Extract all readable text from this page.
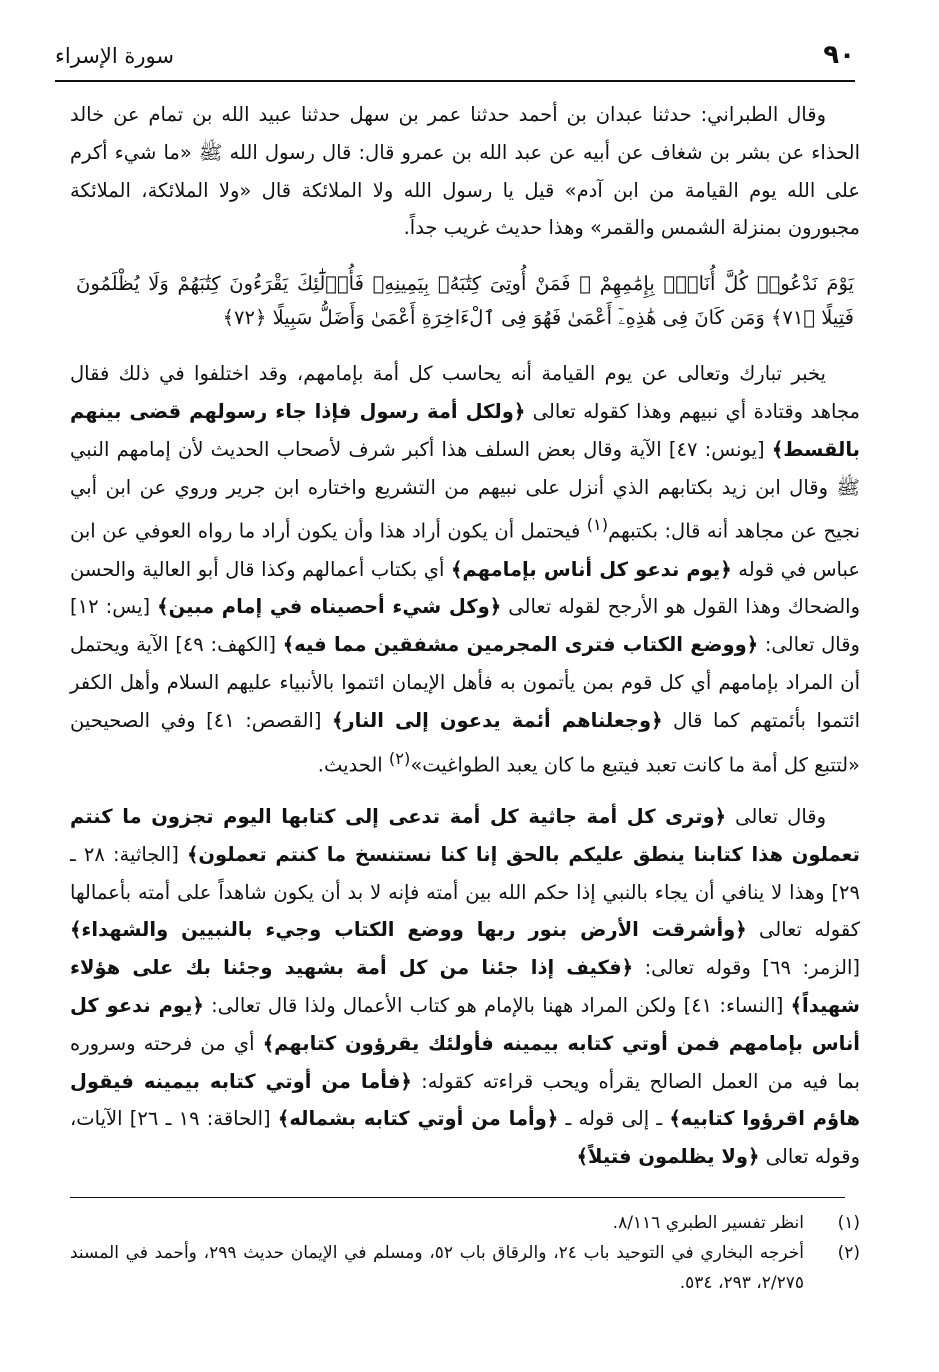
٩٠
سورة الإسراء

وقال الطبراني: حدثنا عبدان بن أحمد حدثنا عمر بن سهل حدثنا عبيد الله بن تمام عن خالد الحذاء عن بشر بن شغاف عن أبيه عن عبد الله بن عمرو قال: قال رسول الله ﷺ «ما شيء أكرم على الله يوم القيامة من ابن آدم» قيل يا رسول الله ولا الملائكة قال «ولا الملائكة، الملائكة مجبورون بمنزلة الشمس والقمر» وهذا حديث غريب جداً.

يَوْمَ نَدْعُوا۟ كُلَّ أُنَاسٍۭ بِإِمَٰمِهِمْ ۖ فَمَنْ أُوتِىَ كِتَٰبَهُۥ بِيَمِينِهِۦ فَأُو۟لَٰٓئِكَ يَقْرَءُونَ كِتَٰبَهُمْ وَلَا يُظْلَمُونَ فَتِيلًا ﴿٧١﴾ وَمَن كَانَ فِى هَٰذِهِۦٓ أَعْمَىٰ فَهُوَ فِى ٱلْءَاخِرَةِ أَعْمَىٰ وَأَضَلُّ سَبِيلًا ﴿٧٢﴾

يخبر تبارك وتعالى عن يوم القيامة أنه يحاسب كل أمة بإمامهم، وقد اختلفوا في ذلك فقال مجاهد وقتادة أي نبيهم وهذا كقوله تعالى ﴿ولكل أمة رسول فإذا جاء رسولهم قضى بينهم بالقسط﴾ [يونس: ٤٧] الآية وقال بعض السلف هذا أكبر شرف لأصحاب الحديث لأن إمامهم النبي ﷺ وقال ابن زيد بكتابهم الذي أنزل على نبيهم من التشريع واختاره ابن جرير وروي عن ابن أبي نجيح عن مجاهد أنه قال: بكتبهم$^{(١)}$ فيحتمل أن يكون أراد هذا وأن يكون أراد ما رواه العوفي عن ابن عباس في قوله ﴿يوم ندعو كل أناس بإمامهم﴾ أي بكتاب أعمالهم وكذا قال أبو العالية والحسن والضحاك وهذا القول هو الأرجح لقوله تعالى ﴿وكل شيء أحصيناه في إمام مبين﴾ [يس: ١٢] وقال تعالى: ﴿ووضع الكتاب فترى المجرمين مشفقين مما فيه﴾ [الكهف: ٤٩] الآية ويحتمل أن المراد بإمامهم أي كل قوم بمن يأتمون به فأهل الإيمان ائتموا بالأنبياء عليهم السلام وأهل الكفر ائتموا بأئمتهم كما قال ﴿وجعلناهم أئمة يدعون إلى النار﴾ [القصص: ٤١] وفي الصحيحين «لتتبع كل أمة ما كانت تعبد فيتبع ما كان يعبد الطواغيت»$^{(٢)}$ الحديث.

وقال تعالى ﴿وترى كل أمة جاثية كل أمة تدعى إلى كتابها اليوم تجزون ما كنتم تعملون هذا كتابنا ينطق عليكم بالحق إنا كنا نستنسخ ما كنتم تعملون﴾ [الجاثية: ٢٨ ـ ٢٩] وهذا لا ينافي أن يجاء بالنبي إذا حكم الله بين أمته فإنه لا بد أن يكون شاهداً على أمته بأعمالها كقوله تعالى ﴿وأشرقت الأرض بنور ربها ووضع الكتاب وجيء بالنبيين والشهداء﴾ [الزمر: ٦٩] وقوله تعالى: ﴿فكيف إذا جئنا من كل أمة بشهيد وجئنا بك على هؤلاء شهيداً﴾ [النساء: ٤١] ولكن المراد ههنا بالإمام هو كتاب الأعمال ولذا قال تعالى: ﴿يوم ندعو كل أناس بإمامهم فمن أوتي كتابه بيمينه فأولئك يقرؤون كتابهم﴾ أي من فرحته وسروره بما فيه من العمل الصالح يقرأه ويحب قراءته كقوله: ﴿فأما من أوتي كتابه بيمينه فيقول هاؤم اقرؤوا كتابيه﴾ ـ إلى قوله ـ ﴿وأما من أوتي كتابه بشماله﴾ [الحاقة: ١٩ ـ ٢٦] الآيات، وقوله تعالى ﴿ولا يظلمون فتيلاً﴾

(١)
انظر تفسير الطبري ٨/١١٦.
(٢)
أخرجه البخاري في التوحيد باب ٢٤، والرقاق باب ٥٢، ومسلم في الإيمان حديث ٢٩٩، وأحمد في المسند ٢/٢٧٥، ٢٩٣، ٥٣٤.
